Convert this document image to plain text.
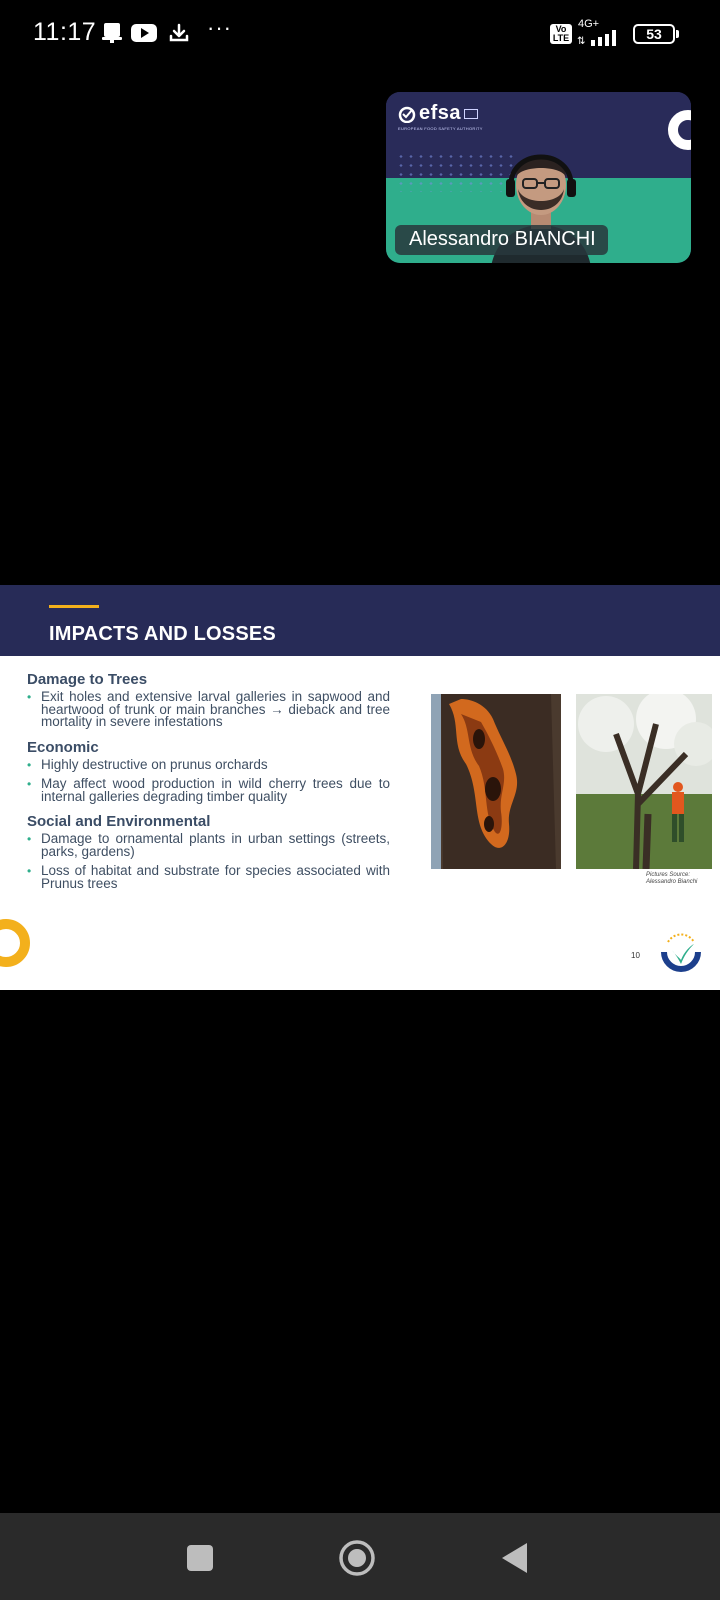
11:17	···	Vo LTE
4G+
⇅	53
efsa
EUROPEAN FOOD SAFETY AUTHORITY
Alessandro BIANCHI
IMPACTS AND LOSSES
Damage to Trees
• Exit holes and extensive larval galleries in sapwood and heartwood of trunk or main branches → dieback and tree mortality in severe infestations
Economic
• Highly destructive on prunus orchards
• May affect wood production in wild cherry trees due to internal galleries degrading timber quality
Social and Environmental
• Damage to ornamental plants in urban settings (streets, parks, gardens)
• Loss of habitat and substrate for species associated with Prunus trees
Pictures Source: Alessandro Bianchi
10
